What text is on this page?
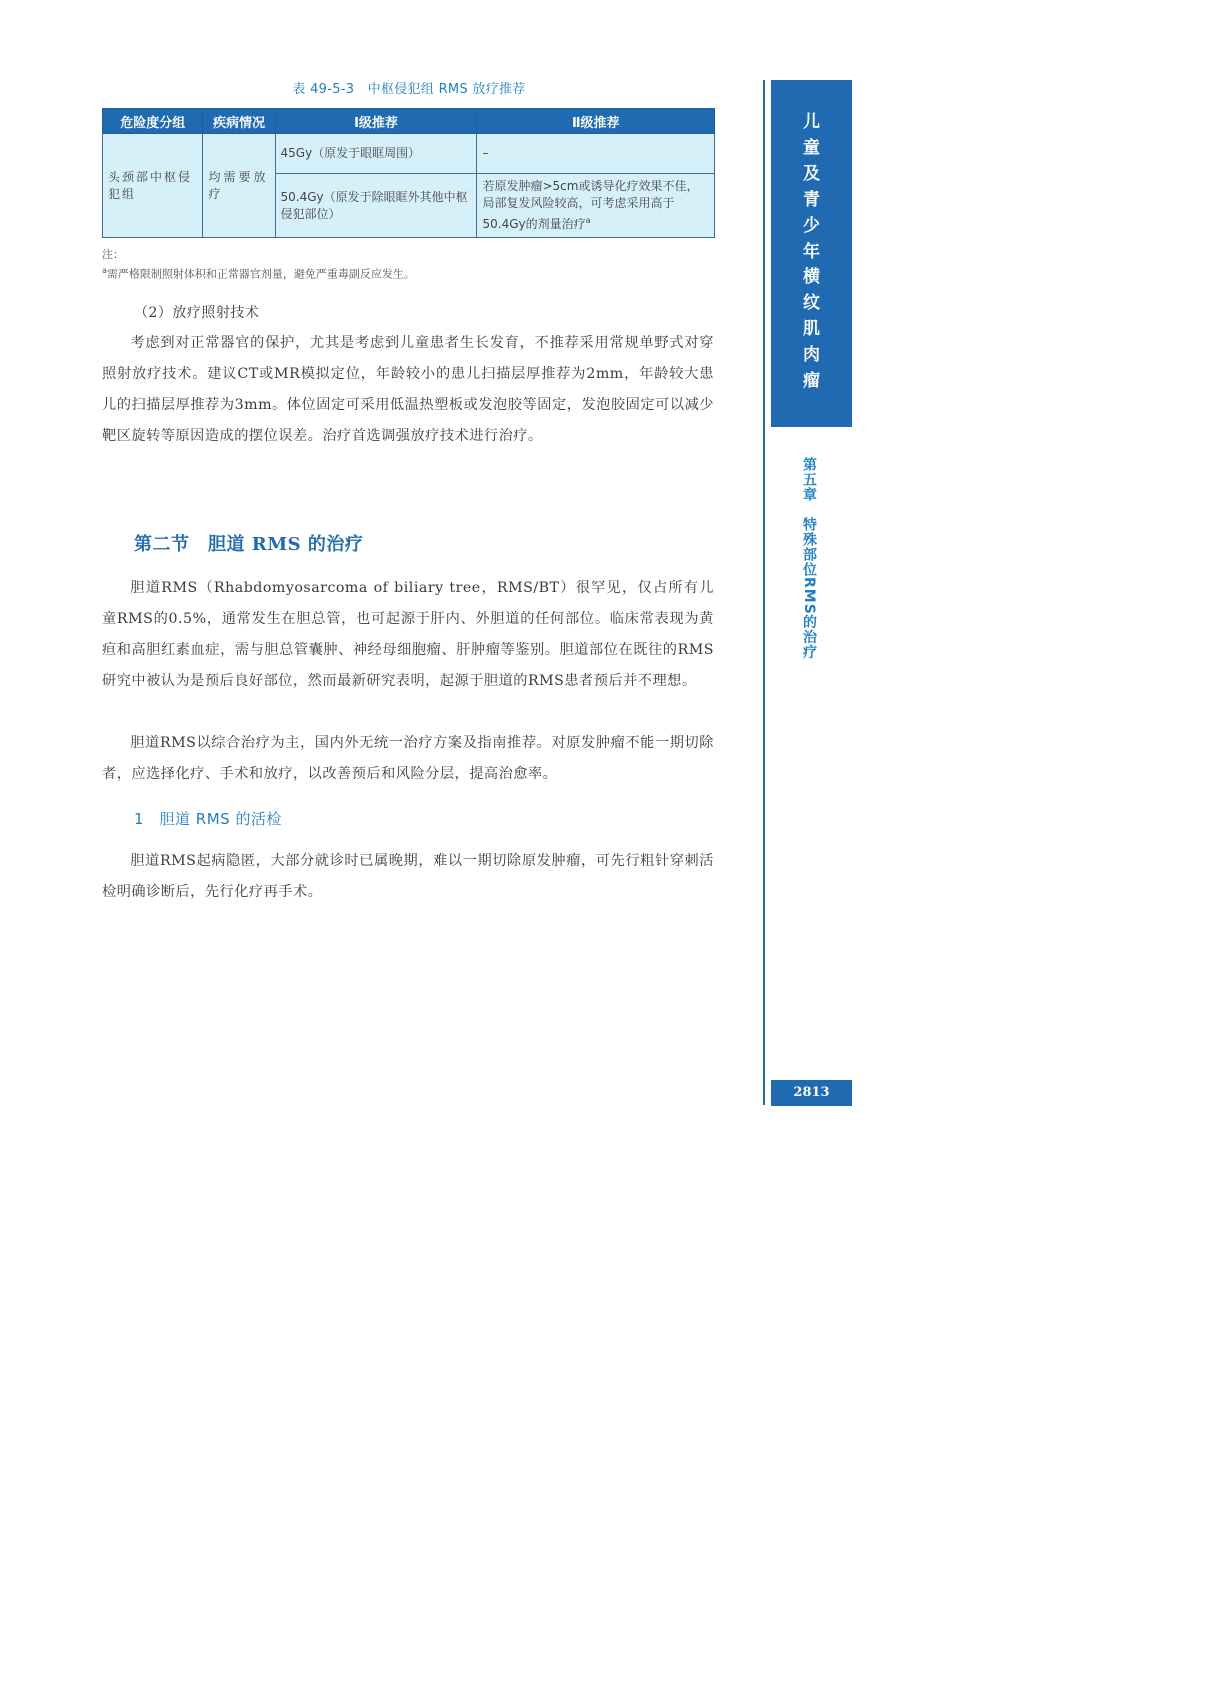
表 49-5-3　中枢侵犯组 RMS 放疗推荐
危险度分组	疾病情况	Ⅰ级推荐	Ⅱ级推荐
头颈部中枢侵犯组	均需要放疗	45Gy（原发于眼眶周围）	–
		50.4Gy（原发于除眼眶外其他中枢侵犯部位）	若原发肿瘤>5cm或诱导化疗效果不佳，局部复发风险较高，可考虑采用高于50.4Gy的剂量治疗$^a$
注：
$^a$需严格限制照射体积和正常器官剂量，避免严重毒副反应发生。
（2）放疗照射技术
考虑到对正常器官的保护，尤其是考虑到儿童患者生长发育，不推荐采用常规单野式对穿照射放疗技术。建议CT或MR模拟定位，年龄较小的患儿扫描层厚推荐为2mm，年龄较大患儿的扫描层厚推荐为3mm。体位固定可采用低温热塑板或发泡胶等固定，发泡胶固定可以减少靶区旋转等原因造成的摆位误差。治疗首选调强放疗技术进行治疗。
第二节　胆道 RMS 的治疗
胆道RMS（Rhabdomyosarcoma of biliary tree，RMS/BT）很罕见，仅占所有儿童RMS的0.5%，通常发生在胆总管，也可起源于肝内、外胆道的任何部位。临床常表现为黄疸和高胆红素血症，需与胆总管囊肿、神经母细胞瘤、肝肿瘤等鉴别。胆道部位在既往的RMS研究中被认为是预后良好部位，然而最新研究表明，起源于胆道的RMS患者预后并不理想。
胆道RMS以综合治疗为主，国内外无统一治疗方案及指南推荐。对原发肿瘤不能一期切除者，应选择化疗、手术和放疗，以改善预后和风险分层，提高治愈率。
1　胆道 RMS 的活检
胆道RMS起病隐匿，大部分就诊时已属晚期，难以一期切除原发肿瘤，可先行粗针穿刺活检明确诊断后，先行化疗再手术。
儿
童
及
青
少
年
横
纹
肌
肉
瘤
第五章　特殊部位RMS的治疗
2813
